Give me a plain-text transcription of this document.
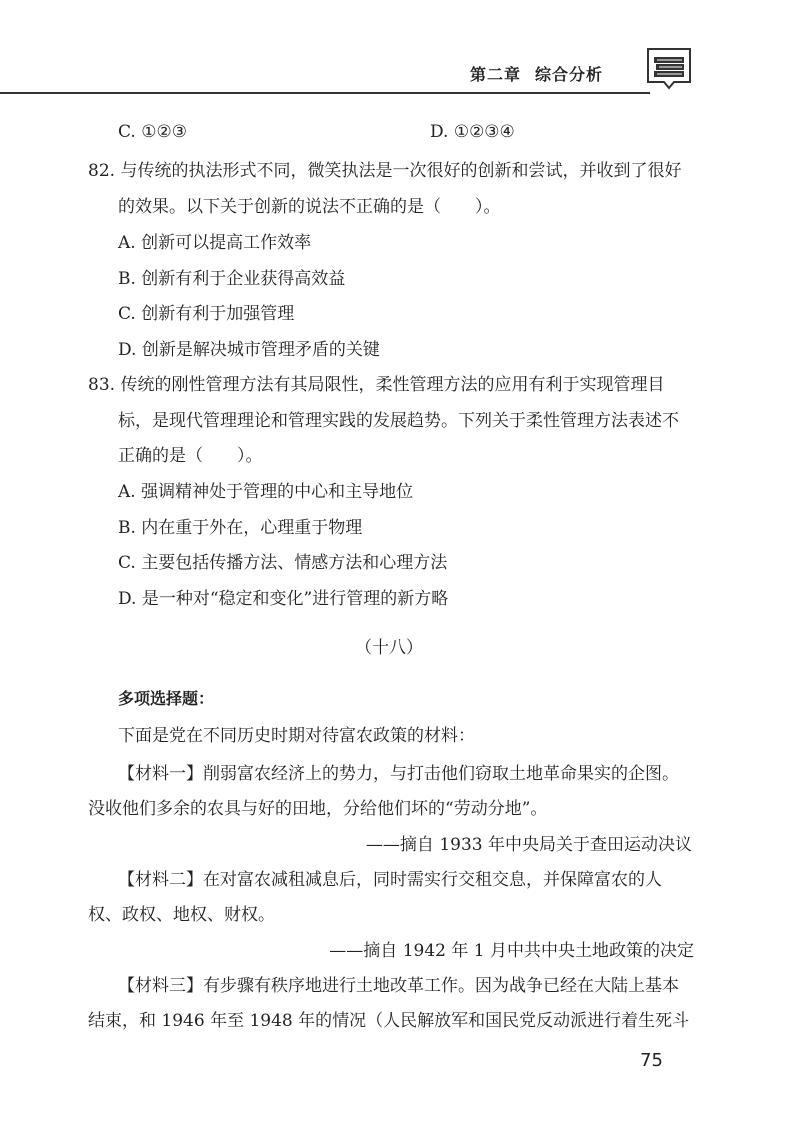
第二章 综合分析
C. ①②③	D. ①②③④
82. 与传统的执法形式不同，微笑执法是一次很好的创新和尝试，并收到了很好
的效果。以下关于创新的说法不正确的是（　　）。
A. 创新可以提高工作效率
B. 创新有利于企业获得高效益
C. 创新有利于加强管理
D. 创新是解决城市管理矛盾的关键
83. 传统的刚性管理方法有其局限性，柔性管理方法的应用有利于实现管理目
标，是现代管理理论和管理实践的发展趋势。下列关于柔性管理方法表述不
正确的是（　　）。
A. 强调精神处于管理的中心和主导地位
B. 内在重于外在，心理重于物理
C. 主要包括传播方法、情感方法和心理方法
D. 是一种对“稳定和变化”进行管理的新方略
（十八）
多项选择题：
下面是党在不同历史时期对待富农政策的材料：
【材料一】削弱富农经济上的势力，与打击他们窃取土地革命果实的企图。
没收他们多余的农具与好的田地，分给他们坏的“劳动分地”。
——摘自 1933 年中央局关于查田运动决议
【材料二】在对富农减租减息后，同时需实行交租交息，并保障富农的人
权、政权、地权、财权。
——摘自 1942 年 1 月中共中央土地政策的决定
【材料三】有步骤有秩序地进行土地改革工作。因为战争已经在大陆上基本
结束，和 1946 年至 1948 年的情况（人民解放军和国民党反动派进行着生死斗
75
